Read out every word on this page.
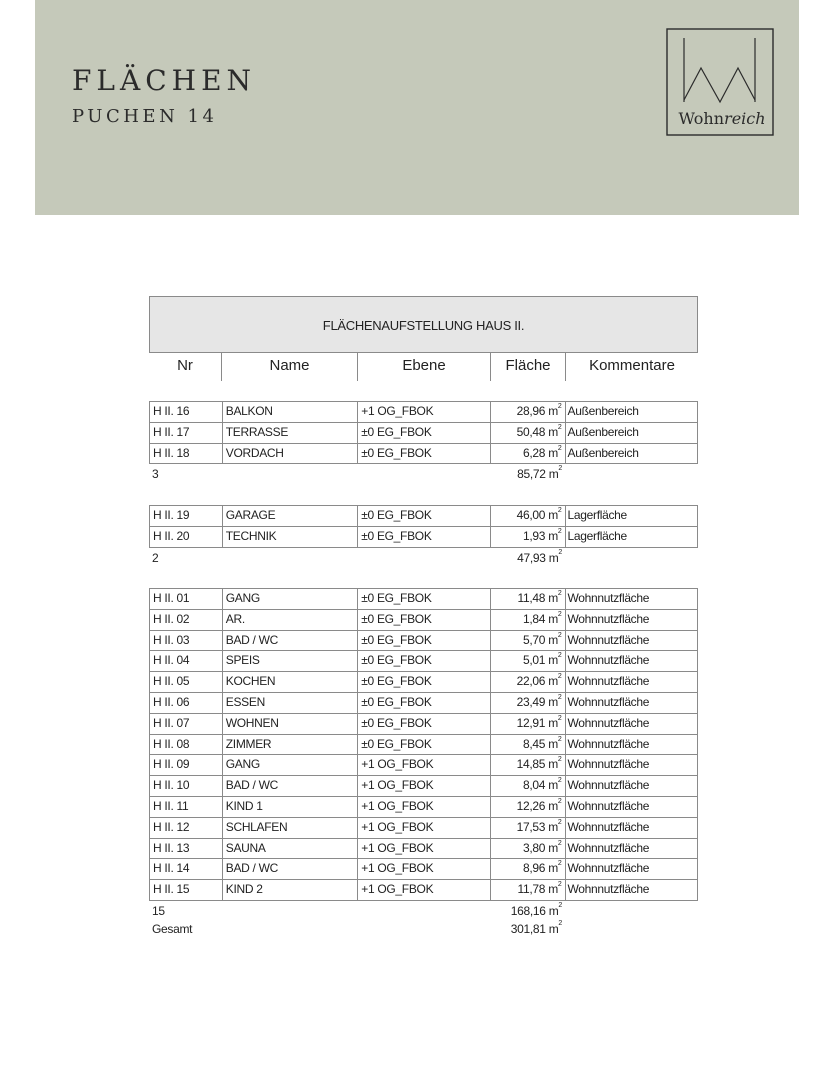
FLÄCHEN
PUCHEN 14	Wohnreich
FLÄCHENAUFSTELLUNG HAUS II.
Nr	Name	Ebene	Fläche	Kommentare
H II. 16	BALKON	+1 OG_FBOK	28,96 $m^2$ Außenbereich
H II. 17	TERRASSE	±0 EG_FBOK	50,48 $m^2$ Außenbereich
H II. 18	VORDACH	±0 EG_FBOK	6,28 $m^2$ Außenbereich
3	85,72 $m^2$
H II. 19	GARAGE	±0 EG_FBOK	46,00 $m^2$ Lagerfläche
H II. 20	TECHNIK	±0 EG_FBOK	1,93 $m^2$ Lagerfläche
2	47,93 $m^2$
H II. 01	GANG	±0 EG_FBOK	11,48 $m^2$ Wohnnutzfläche
H II. 02	AR.	±0 EG_FBOK	1,84 $m^2$ Wohnnutzfläche
H II. 03	BAD / WC	±0 EG_FBOK	5,70 $m^2$ Wohnnutzfläche
H II. 04	SPEIS	±0 EG_FBOK	5,01 $m^2$ Wohnnutzfläche
H II. 05	KOCHEN	±0 EG_FBOK	22,06 $m^2$ Wohnnutzfläche
H II. 06	ESSEN	±0 EG_FBOK	23,49 $m^2$ Wohnnutzfläche
H II. 07	WOHNEN	±0 EG_FBOK	12,91 $m^2$ Wohnnutzfläche
H II. 08	ZIMMER	±0 EG_FBOK	8,45 $m^2$ Wohnnutzfläche
H II. 09	GANG	+1 OG_FBOK	14,85 $m^2$ Wohnnutzfläche
H II. 10	BAD / WC	+1 OG_FBOK	8,04 $m^2$ Wohnnutzfläche
H II. 11	KIND 1	+1 OG_FBOK	12,26 $m^2$ Wohnnutzfläche
H II. 12	SCHLAFEN	+1 OG_FBOK	17,53 $m^2$ Wohnnutzfläche
H II. 13	SAUNA	+1 OG_FBOK	3,80 $m^2$ Wohnnutzfläche
H II. 14	BAD / WC	+1 OG_FBOK	8,96 $m^2$ Wohnnutzfläche
H II. 15	KIND 2	+1 OG_FBOK	11,78 $m^2$ Wohnnutzfläche
15	168,16 $m^2$
Gesamt	301,81 $m^2$
